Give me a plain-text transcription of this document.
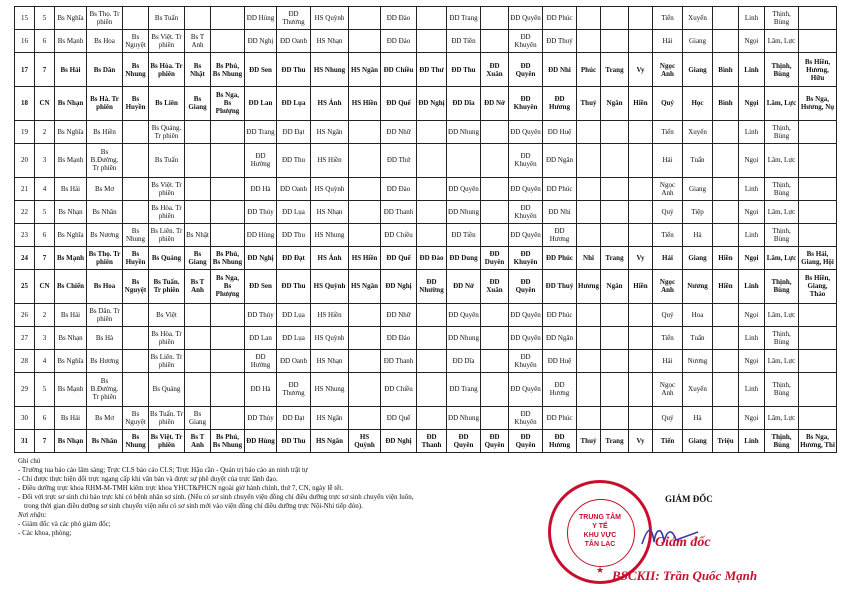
15	5	Bs Nghĩa	Bs Thọ. Tr phiên		Bs Tuấn			ĐD Hùng	ĐD Thương	HS Quỳnh		ĐD Đào		ĐD Trang		ĐD Quyên	ĐD Phúc				Tiến	Xuyến		Linh	Thịnh, Bùng	
16	6	Bs Mạnh	Bs Hoa	Bs Nguyệt	Bs Việt. Tr phiên	Bs T Anh		ĐD Nghị	ĐD Oanh	HS Nhạn		ĐD Đảo		ĐD Tiền		ĐD Khuyên	ĐD Thuỷ				Hải	Giang		Ngọi	Lâm, Lực	
17	7	Bs Hải	Bs Dân	Bs Nhung	Bs Hòa. Tr phiên	Bs Nhật	Bs Phú, Bs Nhung	ĐD Sen	ĐD Thu	HS Nhung	HS Ngân	ĐD Chiều	ĐD Thư	ĐD Thu	ĐD Xuân	ĐD Quyên	ĐD Nhi	Phúc	Trang	Vy	Ngọc Anh	Giang	Bình	Linh	Thịnh, Bùng	Bs Hiền, Hương, Hữu
18	CN	Bs Nhạn	Bs Hà. Tr phiên	Bs Huyền	Bs Liên	Bs Giang	Bs Nga, Bs Phượng	ĐD Lan	ĐD Lụa	HS Ánh	HS Hiền	ĐD Quế	ĐD Nghị	ĐD Dĩa	ĐD Nở	ĐD Khuyên	ĐD Hương	Thuỷ	Ngân	Hiền	Quý	Học	Bình	Ngọi	Lâm, Lực	Bs Nga, Hương, Nụ
19	2	Bs Nghĩa	Bs Hiền		Bs Quảng. Tr phiên			ĐD Trang	ĐD Đạt	HS Ngân		ĐD Nhữ		ĐD Nhung		ĐD Quyên	ĐD Huệ				Tiến	Xuyến		Linh	Thịnh, Bùng	
20	3	Bs Mạnh	Bs B.Đường. Tr phiên		Bs Tuấn			ĐD Hường	ĐD Thu	HS Hiền		ĐD Thứ				ĐD Khuyên	ĐD Ngân				Hải	Tuấn		Ngọi	Lâm, Lực	
21	4	Bs Hải	Bs Mơ		Bs Việt. Tr phiên			ĐD Hà	ĐD Oanh	HS Quỳnh		ĐD Đào		ĐD Quyên		ĐD Quyên	ĐD Phúc				Ngọc Anh	Giang		Linh	Thịnh, Bùng	
22	5	Bs Nhạn	Bs Nhân		Bs Hòa. Tr phiên			ĐD Thủy	ĐD Lụa	HS Nhạn		ĐD Thanh		ĐD Nhung		ĐD Khuyên	ĐD Nhi				Quý	Tiệp		Ngọi	Lâm, Lực	
23	6	Bs Nghĩa	Bs Nương	Bs Nhung	Bs Liên. Tr phiên	Bs Nhật		ĐD Hùng	ĐD Thu	HS Nhung		ĐD Chiều		ĐD Tiền		ĐD Quyên	ĐD Hương				Tiến	Hà		Linh	Thịnh, Bùng	
24	7	Bs Mạnh	Bs Thọ. Tr phiên	Bs Huyền	Bs Quảng	Bs Giang	Bs Phú, Bs Nhung	ĐD Nghị	ĐD Đạt	HS Ánh	HS Hiền	ĐD Quế	ĐD Đào	ĐD Dung	ĐD Duyên	ĐD Khuyên	ĐD Phúc	Nhi	Trang	Vy	Hải	Giang	Hiền	Ngọi	Lâm, Lực	Bs Hải, Giang, Hội
25	CN	Bs Chiến	Bs Hoa	Bs Nguyệt	Bs Tuấn. Tr phiên	Bs T Anh	Bs Nga, Bs Phượng	ĐD Sen	ĐD Thu	HS Quỳnh	HS Ngân	ĐD Nghị	ĐD Nhường	ĐD Nở	ĐD Xuân	ĐD Quyên	ĐD Thuỷ	Hương	Ngân	Hiền	Ngọc Anh	Nương	Hiền	Linh	Thịnh, Bùng	Bs Hiền, Giang, Thảo
26	2	Bs Hải	Bs Dân. Tr phiên		Bs Việt			ĐD Thủy	ĐD Lụa	HS Hiền		ĐD Nhữ		ĐD Quyên		ĐD Quyên	ĐD Phúc				Quý	Hoa		Ngọi	Lâm, Lực	
27	3	Bs Nhạn	Bs Hà		Bs Hòa. Tr phiên			ĐD Lan	ĐD Lụa	HS Quỳnh		ĐD Đảo		ĐD Nhung		ĐD Quyên	ĐD Ngân				Tiến	Tuấn		Linh	Thịnh, Bùng	
28	4	Bs Nghĩa	Bs Hương		Bs Liên. Tr phiên			ĐD Hường	ĐD Oanh	HS Nhạn		ĐD Thanh		ĐD Dĩa		ĐD Khuyên	ĐD Huệ				Hải	Nương		Ngọi	Lâm, Lực	
29	5	Bs Mạnh	Bs B.Đường. Tr phiên		Bs Quảng			ĐD Hà	ĐD Thương	HS Nhung		ĐD Chiều		ĐD Trang		ĐD Quyên	ĐD Hương				Ngọc Anh	Xuyến		Linh	Thịnh, Bùng	
30	6	Bs Hải	Bs Mơ	Bs Nguyệt	Bs Tuấn. Tr phiên	Bs Giang		ĐD Thủy	ĐD Đạt	HS Ngân		ĐD Quế		ĐD Nhung		ĐD Khuyên	ĐD Phúc				Quý	Hà		Ngọi	Lâm, Lực	
31	7	Bs Nhạn	Bs Nhân	Bs Nhung	Bs Việt. Tr phiên	Bs T Anh	Bs Phú, Bs Nhung	ĐD Hùng	ĐD Thu	HS Ngân	HS Quỳnh	ĐD Nghị	ĐD Thanh	ĐD Quyên	ĐD Quyên	ĐD Quyên	ĐD Hương	Thuỷ	Trang	Vy	Tiến	Giang	Triệu	Linh	Thịnh, Bùng	Bs Nga, Hương, Thi
Ghi chú
- Trường tua báo cáo lâm sàng; Trực CLS báo cáo CLS; Trực Hậu cần - Quản trị báo cáo an ninh trật tự
- Chỉ được thực hiện đổi trực ngang cấp khi văn bản và được sự phê duyệt của trực lãnh đạo.
- Điều dưỡng trực khoa RHM-M-TMH kiêm trực khoa YHCT&PHCN ngoài giờ hành chính, thứ 7, CN, ngày lễ tết.
- Đối với trực sơ sinh chỉ báo trực khi có bệnh nhân sơ sinh. (Nếu có sơ sinh chuyển viện đồng chí điều dưỡng trực sơ sinh chuyển viện luôn,
trong thời gian điều dưỡng sơ sinh chuyển viện nếu có sơ sinh mới vào viện đồng chí điều dưỡng trực Nội-Nhi tiếp đón).
Nơi nhận:
- Giám đốc và các phó giám đốc;
- Các khoa, phòng;
TRUNG TÂM
Y TẾ
KHU VỰC
TÂN LẠC
★
GIÁM ĐỐC
Giám đốc
BSCKII: Trần Quốc Mạnh
